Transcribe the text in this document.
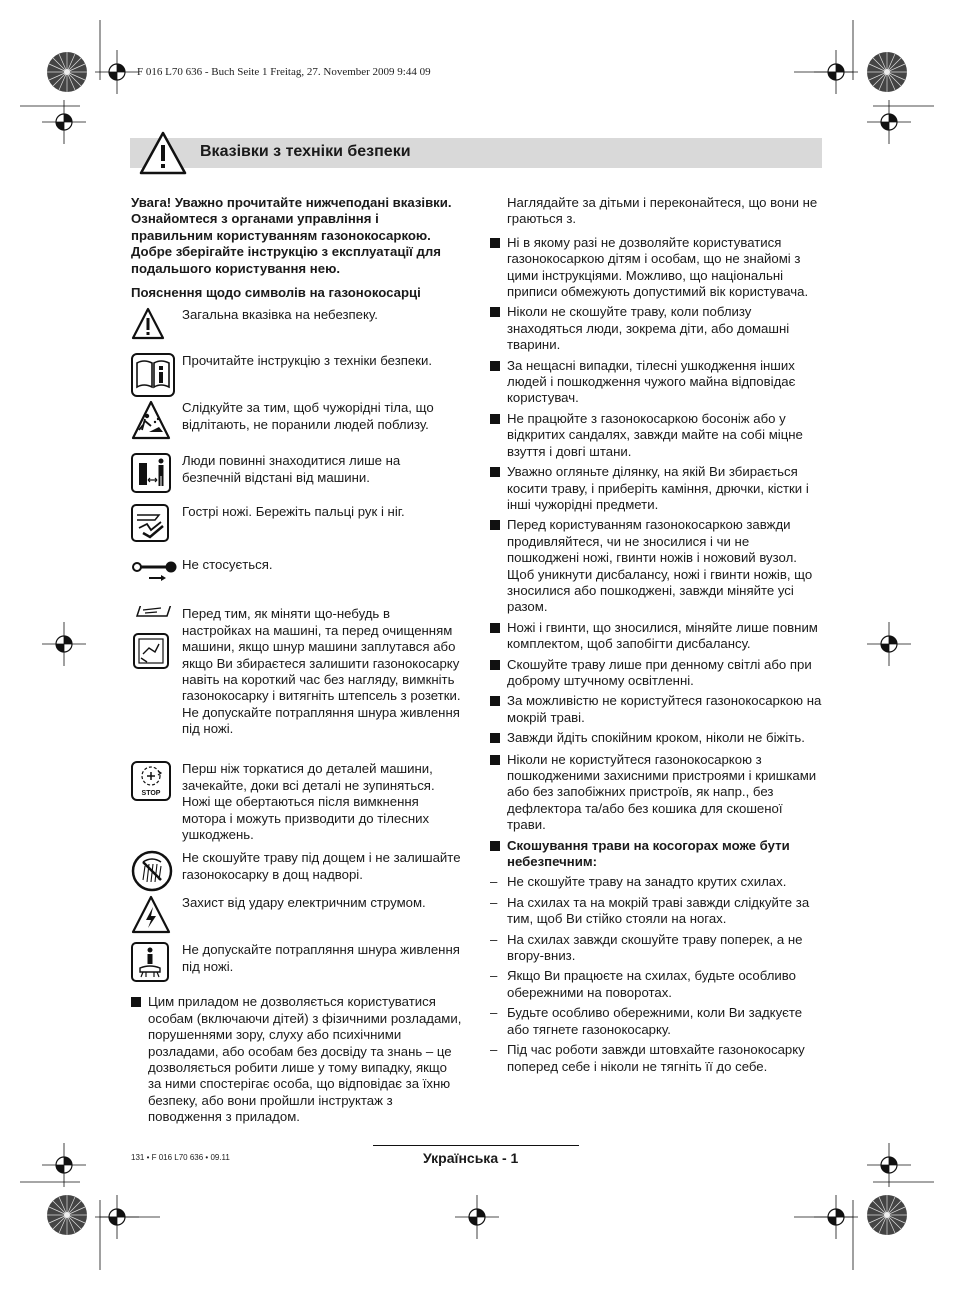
F 016 L70 636 - Buch Seite 1 Freitag, 27. November 2009 9:44 09
Вказівки з техніки безпеки
Увага! Уважно прочитайте нижчеподані вказівки. Ознайомтеся з органами управління і правильним користуванням газонокосаркою. Добре зберігайте інструкцію з експлуатації для подальшого користування нею.
Пояснення щодо символів на газонокосарці
Загальна вказівка на небезпеку.
Прочитайте інструкцію з техніки безпеки.
Слідкуйте за тим, щоб чужорідні тіла, що відлітають, не поранили людей поблизу.
Люди повинні знаходитися лише на безпечній відстані від машини.
Гострі ножі. Бережіть пальці рук і ніг.
Не стосується.
Перед тим, як міняти що-небудь в настройках на машині, та перед очищенням машини, якщо шнур машини заплутався або якщо Ви збираєтеся залишити газонокосарку навіть на короткий час без нагляду, вимкніть газонокосарку і витягніть штепсель з розетки. Не допускайте потрапляння шнура живлення під ножі.
STOP
Перш ніж торкатися до деталей машини, зачекайте, доки всі деталі не зупиняться. Ножі ще обертаються після вимкнення мотора і можуть призводити до тілесних ушкоджень.
Не скошуйте траву під дощем і не залишайте газонокосарку в дощ надворі.
Захист від удару електричним струмом.
Не допускайте потрапляння шнура живлення під ножі.
Цим приладом не дозволяється користуватися особам (включаючи дітей) з фізичними розладами, порушеннями зору, слуху або психічними розладами, або особам без досвіду та знань – це дозволяється робити лише у тому випадку, якщо за ними спостерігає особа, що відповідає за їхню безпеку, або вони пройшли інструктаж з поводження з приладом.
Наглядайте за дітьми і переконайтеся, що вони не граються з.
Ні в якому разі не дозволяйте користуватися газонокосаркою дітям і особам, що не знайомі з цими інструкціями. Можливо, що національні приписи обмежують допустимий вік користувача.
Ніколи не скошуйте траву, коли поблизу знаходяться люди, зокрема діти, або домашні тварини.
За нещасні випадки, тілесні ушкодження інших людей і пошкодження чужого майна відповідає користувач.
Не працюйте з газонокосаркою босоніж або у відкритих сандалях, завжди майте на собі міцне взуття і довгі штани.
Уважно огляньте ділянку, на якій Ви збирається косити траву, і приберіть каміння, дрючки, кістки і інші чужорідні предмети.
Перед користуванням газонокосаркою завжди продивляйтеся, чи не зносилися і чи не пошкоджені ножі, гвинти ножів і ножовий вузол. Щоб уникнути дисбалансу, ножі і гвинти ножів, що зносилися або пошкоджені, завжди міняйте усі разом.
Ножі і гвинти, що зносилися, міняйте лише повним комплектом, щоб запобігти дисбалансу.
Скошуйте траву лише при денному світлі або при доброму штучному освітленні.
За можливістю не користуйтеся газонокосаркою на мокрій траві.
Завжди йдіть спокійним кроком, ніколи не біжіть.
Ніколи не користуйтеся газонокосаркою з пошкодженими захисними пристроями і кришками або без запобіжних пристроїв, як напр., без дефлектора та/або без кошика для скошеної трави.
Скошування трави на косогорах може бути небезпечним:
– Не скошуйте траву на занадто крутих схилах.
– На схилах та на мокрій траві завжди слідкуйте за тим, щоб Ви стійко стояли на ногах.
– На схилах завжди скошуйте траву поперек, а не вгору-вниз.
– Якщо Ви працюєте на схилах, будьте особливо обережними на поворотах.
– Будьте особливо обережними, коли Ви задкуєте або тягнете газонокосарку.
– Під час роботи завжди штовхайте газонокосарку поперед себе і ніколи не тягніть її до себе.
Українська - 1
131 • F 016 L70 636 • 09.11
